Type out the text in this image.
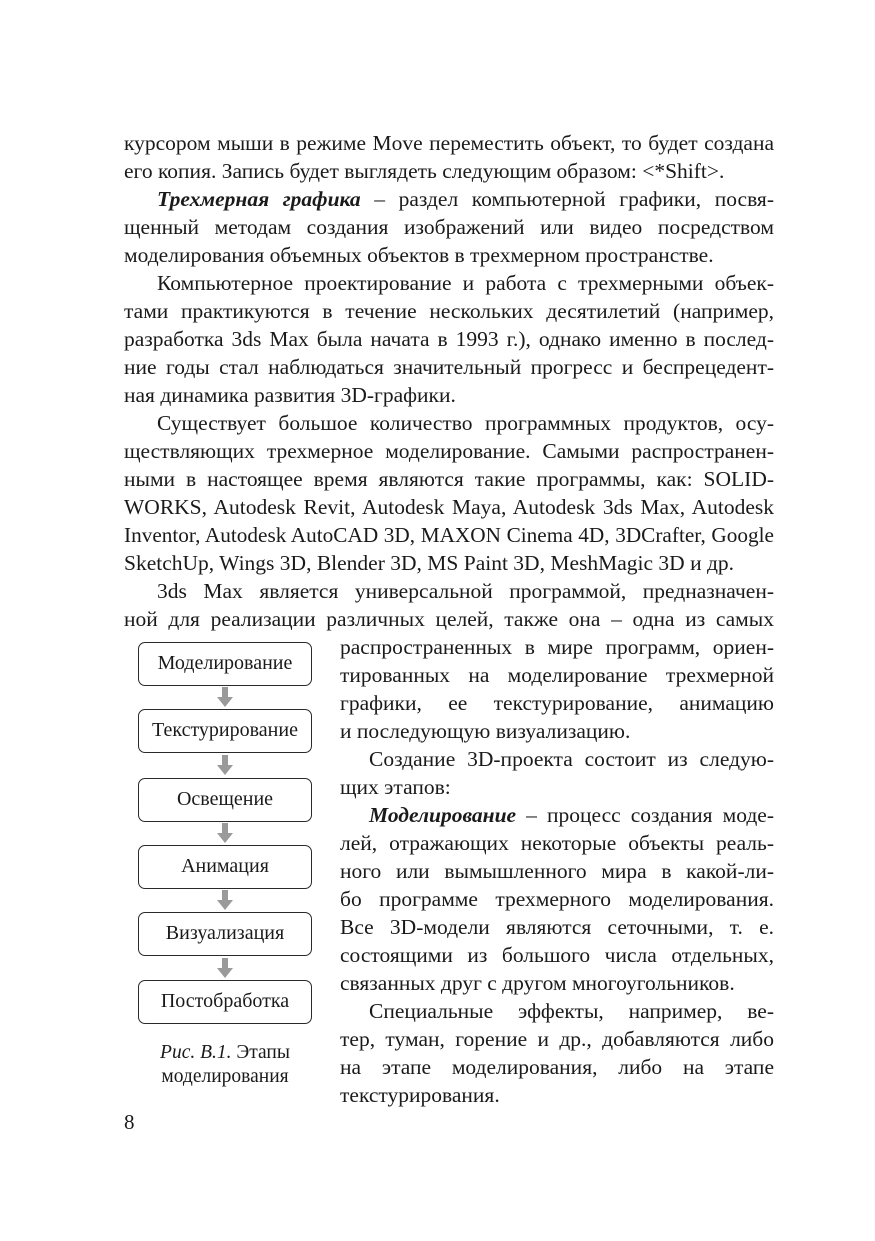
курсором мыши в режиме Move переместить объект, то будет создана
его копия. Запись будет выглядеть следующим образом: <*Shift>.
Трехмерная графика – раздел компьютерной графики, посвя-
щенный методам создания изображений или видео посредством
моделирования объемных объектов в трехмерном пространстве.
Компьютерное проектирование и работа с трехмерными объек-
тами практикуются в течение нескольких десятилетий (например,
разработка 3ds Max была начата в 1993 г.), однако именно в послед-
ние годы стал наблюдаться значительный прогресс и беспрецедент-
ная динамика развития 3D-графики.
Существует большое количество программных продуктов, осу-
ществляющих трехмерное моделирование. Самыми распространен-
ными в настоящее время являются такие программы, как: SOLID-
WORKS, Autodesk Revit, Autodesk Maya, Autodesk 3ds Max, Autodesk
Inventor, Autodesk AutoCAD 3D, MAXON Cinema 4D, 3DCrafter, Google
SketchUp, Wings 3D, Blender 3D, MS Paint 3D, MeshMagic 3D и др.
3ds Max является универсальной программой, предназначен-
ной для реализации различных целей, также она – одна из самых
распространенных в мире программ, ориен-
тированных на моделирование трехмерной
графики, ее текстурирование, анимацию
и последующую визуализацию.
Создание 3D-проекта состоит из следую-
щих этапов:
Моделирование – процесс создания моде-
лей, отражающих некоторые объекты реаль-
ного или вымышленного мира в какой-ли-
бо программе трехмерного моделирования.
Все 3D-модели являются сеточными, т. е.
состоящими из большого числа отдельных,
связанных друг с другом многоугольников.
Специальные эффекты, например, ве-
тер, туман, горение и др., добавляются либо
на этапе моделирования, либо на этапе
текстурирования.
Моделирование
Текстурирование
Освещение
Анимация
Визуализация
Постобработка
Рис. В.1. Этапы
моделирования
8
